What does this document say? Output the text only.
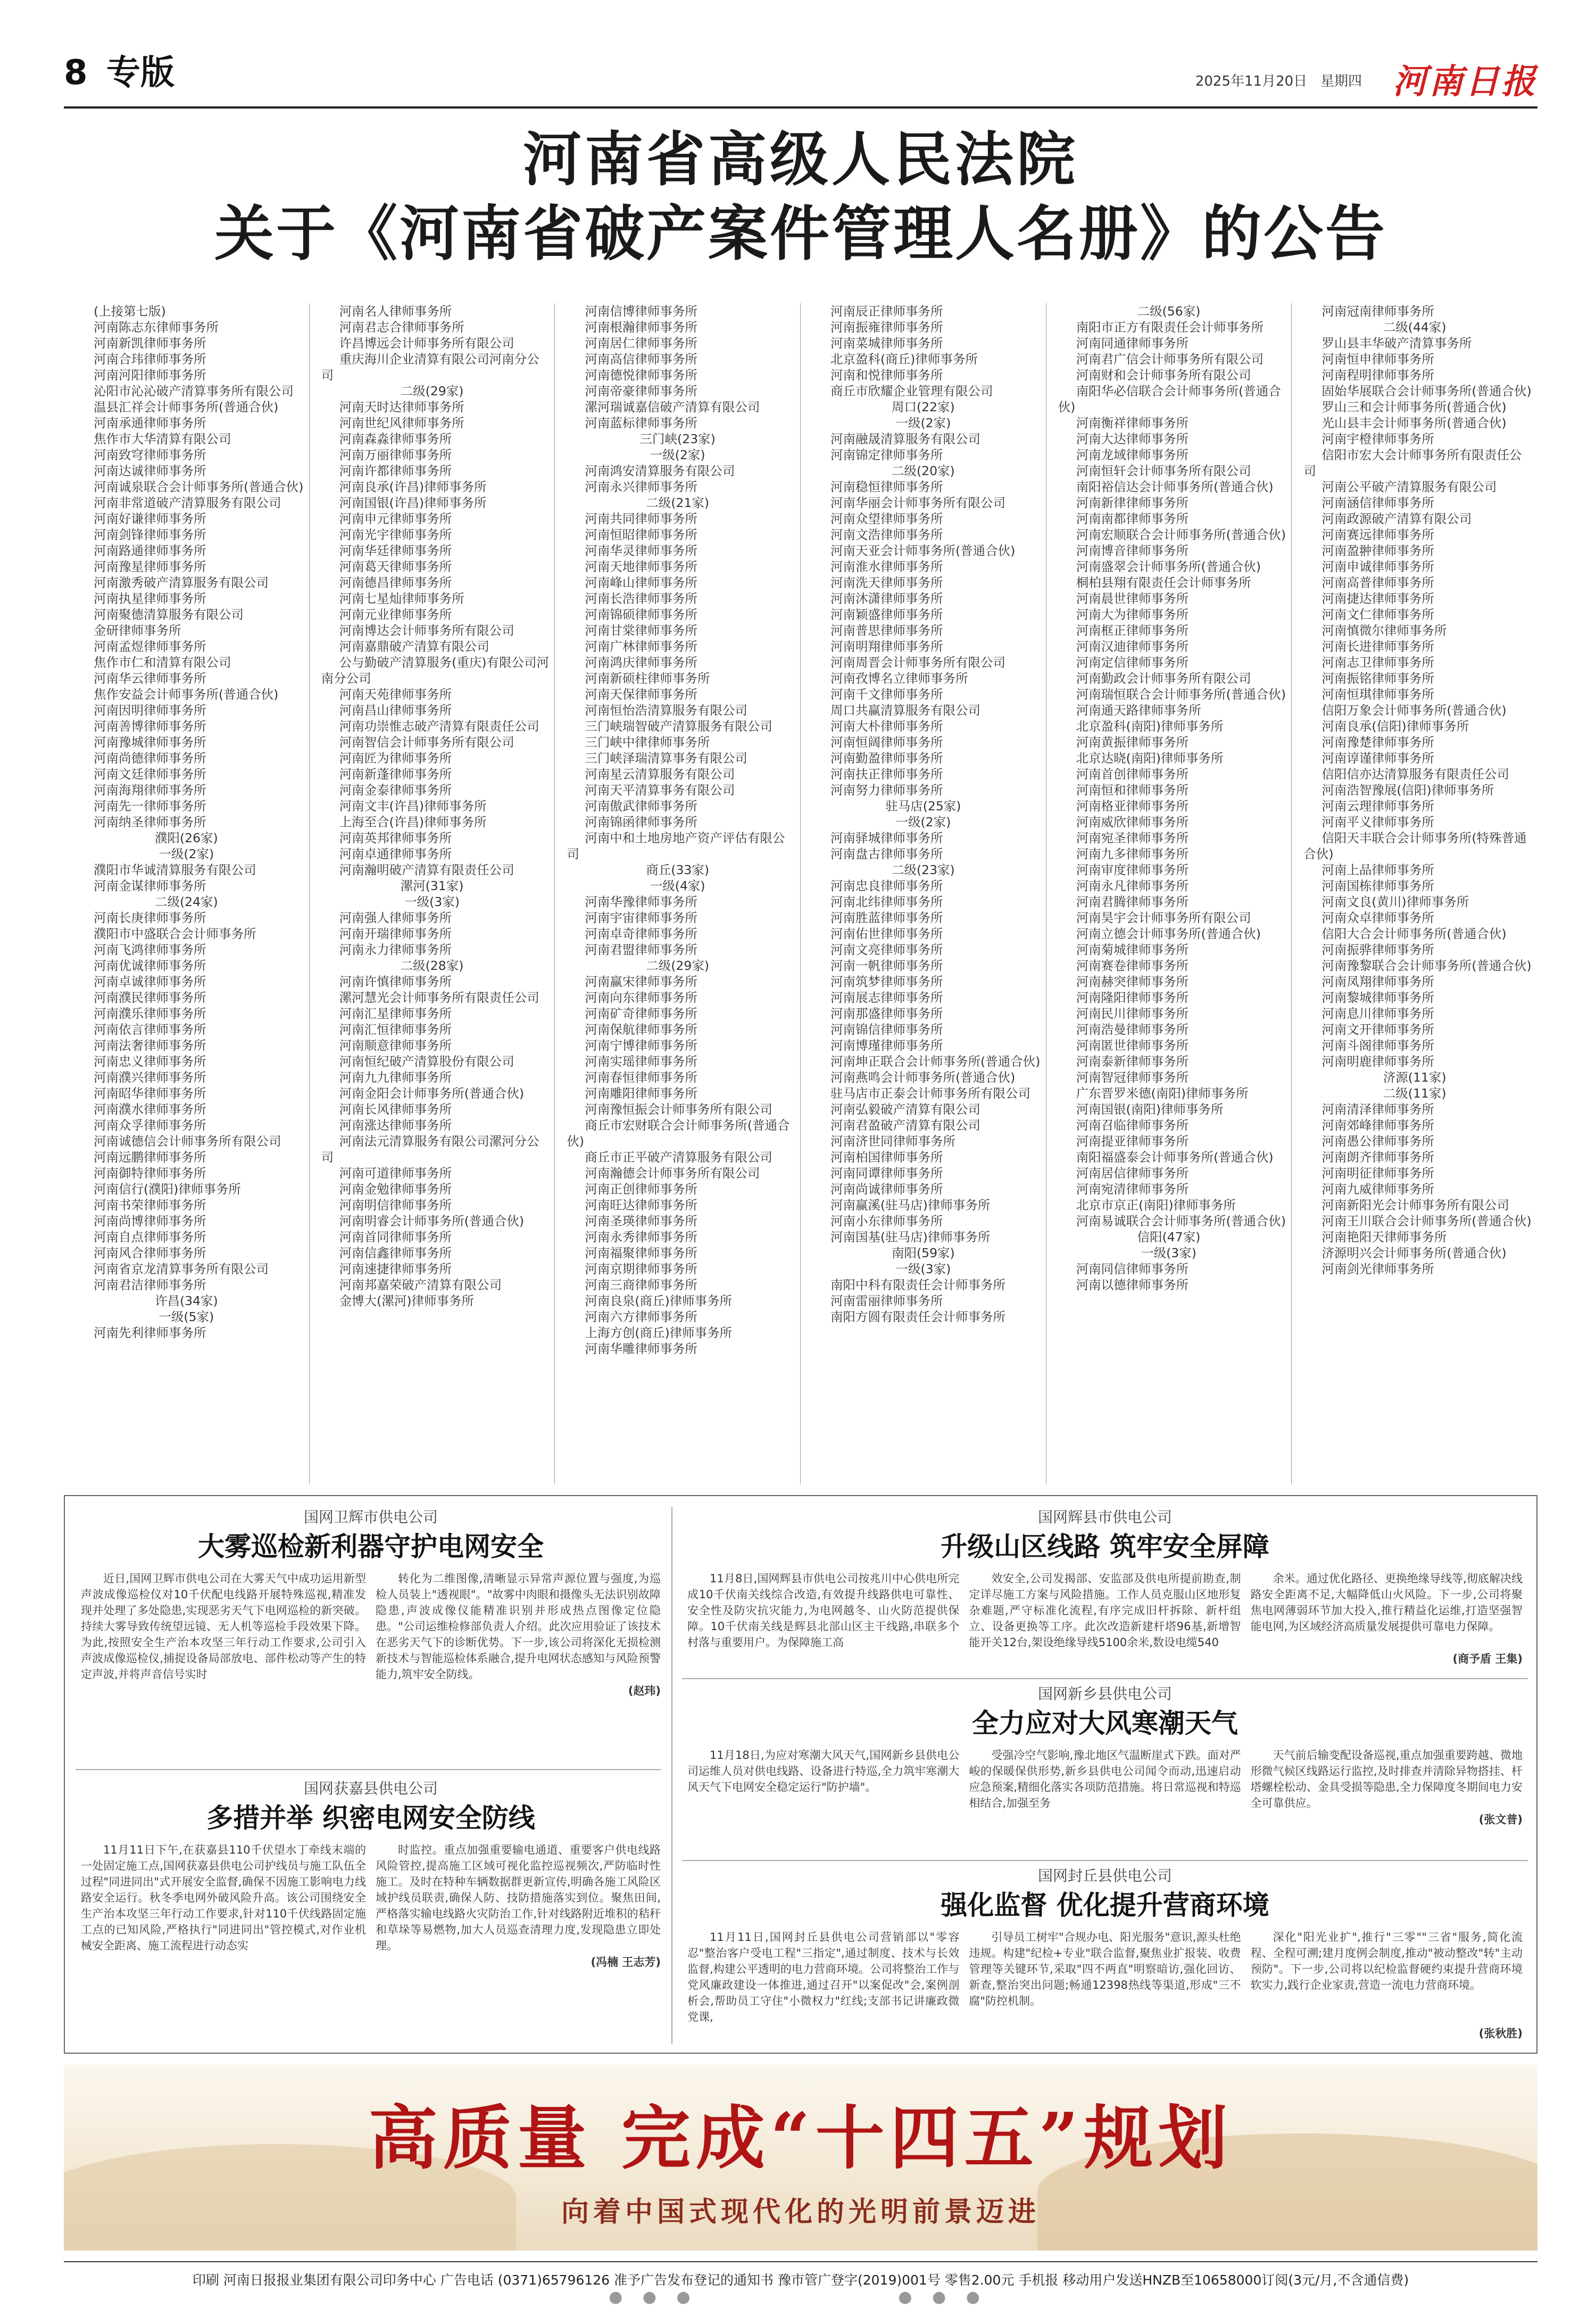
8 专版	2025年11月20日 星期四 河南日报
河南省高级人民法院
关于《河南省破产案件管理人名册》的公告
(上接第七版)
河南陈志东律师事务所
河南新凯律师事务所
河南合玮律师事务所
河南河阳律师事务所
沁阳市沁沁破产清算事务所有限公司
温县汇祥会计师事务所(普通合伙)
河南承通律师事务所
焦作市大华清算有限公司
河南致穹律师事务所
河南达诚律师事务所
河南诚泉联合会计师事务所(普通合伙)
河南非常道破产清算服务有限公司
河南好谦律师事务所
河南剑锋律师事务所
河南路通律师事务所
河南豫星律师事务所
河南激秀破产清算服务有限公司
河南执星律师事务所
河南聚德清算服务有限公司
金研律师事务所
河南孟煜律师事务所
焦作市仁和清算有限公司
河南华云律师事务所
焦作安益会计师事务所(普通合伙)
河南因明律师事务所
河南善博律师事务所
河南豫城律师事务所
河南尚德律师事务所
河南文廷律师事务所
河南海翔律师事务所
河南先一律师事务所
河南纳圣律师事务所
濮阳(26家)
一级(2家)
濮阳市华诚清算服务有限公司
河南金谋律师事务所
二级(24家)
河南长庚律师事务所
濮阳市中盛联合会计师事务所
河南飞鸿律师事务所
河南优诚律师事务所
河南卓诚律师事务所
河南濮民律师事务所
河南濮乐律师事务所
河南依言律师事务所
河南法奢律师事务所
河南忠义律师事务所
河南濮兴律师事务所
河南昭华律师事务所
河南濮水律师事务所
河南众孚律师事务所
河南诚德信会计师事务所有限公司
河南远鹏律师事务所
河南御特律师事务所
河南信行(濮阳)律师事务所
河南书荣律师事务所
河南尚博律师事务所
河南自点律师事务所
河南风合律师事务所
河南省京龙清算事务所有限公司
河南君洁律师事务所
许昌(34家)
一级(5家)
河南先利律师事务所
河南名人律师事务所
河南君志合律师事务所
许昌博远会计师事务所有限公司
重庆海川企业清算有限公司河南分公司
二级(29家)
河南天时达律师事务所
河南世纪风律师事务所
河南森淼律师事务所
河南万丽律师事务所
河南许都律师事务所
河南良承(许昌)律师事务所
河南国银(许昌)律师事务所
河南申元律师事务所
河南光宇律师事务所
河南华廷律师事务所
河南葛天律师事务所
河南德昌律师事务所
河南七星灿律师事务所
河南元业律师事务所
河南博达会计师事务所有限公司
河南嘉鼎破产清算有限公司
公与勤破产清算服务(重庆)有限公司河南分公司
河南天苑律师事务所
河南昌山律师事务所
河南功崇惟志破产清算有限责任公司
河南智信会计师事务所有限公司
河南匠为律师事务所
河南新蓬律师事务所
河南金泰律师事务所
河南文丰(许昌)律师事务所
上海至合(许昌)律师事务所
河南英邦律师事务所
河南卓通律师事务所
河南瀚明破产清算有限责任公司
漯河(31家)
一级(3家)
河南强人律师事务所
河南开瑞律师事务所
河南永力律师事务所
二级(28家)
河南许慎律师事务所
漯河慧光会计师事务所有限责任公司
河南汇星律师事务所
河南汇恒律师事务所
河南顺意律师事务所
河南恒纪破产清算股份有限公司
河南九九律师事务所
河南金阳会计师事务所(普通合伙)
河南长风律师事务所
河南涨达律师事务所
河南法元清算服务有限公司漯河分公司
河南可道律师事务所
河南金勉律师事务所
河南明信律师事务所
河南明睿会计师事务所(普通合伙)
河南首同律师事务所
河南信鑫律师事务所
河南速捷律师事务所
河南邦嘉荣破产清算有限公司
金博大(漯河)律师事务所
河南信博律师事务所
河南根瀚律师事务所
河南居仁律师事务所
河南高信律师事务所
河南德悦律师事务所
河南帝豪律师事务所
漯河瑞诚嘉信破产清算有限公司
河南蓝标律师事务所
三门峡(23家)
一级(2家)
河南鸿安清算服务有限公司
河南永兴律师事务所
二级(21家)
河南共同律师事务所
河南恒昭律师事务所
河南华灵律师事务所
河南天地律师事务所
河南峰山律师事务所
河南长浩律师事务所
河南锦硕律师事务所
河南甘棠律师事务所
河南广林律师事务所
河南鸿庆律师事务所
河南新硕柱律师事务所
河南天保律师事务所
河南恒怡浩清算服务有限公司
三门峡瑞智破产清算服务有限公司
三门峡中律律师事务所
三门峡泽瑞清算事务有限公司
河南星云清算服务有限公司
河南天平清算事务有限公司
河南傲武律师事务所
河南锦函律师事务所
河南中和土地房地产资产评估有限公司
商丘(33家)
一级(4家)
河南华豫律师事务所
河南宇宙律师事务所
河南卓奇律师事务所
河南君盟律师事务所
二级(29家)
河南赢宋律师事务所
河南向东律师事务所
河南矿奇律师事务所
河南保航律师事务所
河南宁博律师事务所
河南实瑶律师事务所
河南春恒律师事务所
河南雕阳律师事务所
河南豫恒振会计师事务所有限公司
商丘市宏财联合会计师事务所(普通合伙)
商丘市正平破产清算服务有限公司
河南瀚德会计师事务所有限公司
河南正创律师事务所
河南旺达律师事务所
河南圣瑛律师事务所
河南永秀律师事务所
河南福聚律师事务所
河南京期律师事务所
河南三商律师事务所
河南良泉(商丘)律师事务所
河南六方律师事务所
上海方创(商丘)律师事务所
河南华雕律师事务所
河南辰正律师事务所
河南振雍律师事务所
河南菜城律师事务所
北京盈科(商丘)律师事务所
河南和悦律师事务所
商丘市欣耀企业管理有限公司
周口(22家)
一级(2家)
河南融晟清算服务有限公司
河南锦定律师事务所
二级(20家)
河南稳恒律师事务所
河南华丽会计师事务所有限公司
河南众望律师事务所
河南文浩律师事务所
河南天亚会计师事务所(普通合伙)
河南淮水律师事务所
河南洗天律师事务所
河南沐潇律师事务所
河南颖盛律师事务所
河南普思律师事务所
河南明翔律师事务所
河南周晋会计师事务所有限公司
河南孜博名立律师事务所
河南千文律师事务所
周口共赢清算服务有限公司
河南大朴律师事务所
河南恒阔律师事务所
河南勤盈律师事务所
河南扶正律师事务所
河南努力律师事务所
驻马店(25家)
一级(2家)
河南驿城律师事务所
河南盘古律师事务所
二级(23家)
河南忠良律师事务所
河南北纬律师事务所
河南胜蓝律师事务所
河南佑世律师事务所
河南文亮律师事务所
河南一帆律师事务所
河南筑梦律师事务所
河南展志律师事务所
河南那盛律师事务所
河南锦信律师事务所
河南博瑾律师事务所
河南坤正联合会计师事务所(普通合伙)
河南燕鸣会计师事务所(普通合伙)
驻马店市正泰会计师事务所有限公司
河南弘毅破产清算有限公司
河南君盈破产清算有限公司
河南济世同律师事务所
河南柏国律师事务所
河南同谭律师事务所
河南尚诚律师事务所
河南赢溪(驻马店)律师事务所
河南小东律师事务所
河南国基(驻马店)律师事务所
南阳(59家)
一级(3家)
南阳中科有限责任会计师事务所
河南雷丽律师事务所
南阳方圆有限责任会计师事务所
二级(56家)
南阳市正方有限责任会计师事务所
河南同通律师事务所
河南君广信会计师事务所有限公司
河南财和会计师事务所有限公司
南阳华必信联合会计师事务所(普通合伙)
河南衡祥律师事务所
河南大达律师事务所
河南龙域律师事务所
河南恒轩会计师事务所有限公司
南阳裕信达会计师事务所(普通合伙)
河南新律律师事务所
河南南都律师事务所
河南宏顺联合会计师事务所(普通合伙)
河南博音律师事务所
河南盛翠会计师事务所(普通合伙)
桐柏县翔有限责任会计师事务所
河南晨世律师事务所
河南大为律师事务所
河南框正律师事务所
河南汉迪律师事务所
河南定信律师事务所
河南勤政会计师事务所有限公司
河南瑞恒联合会计师事务所(普通合伙)
河南通天路律师事务所
北京盈科(南阳)律师事务所
河南黄振律师事务所
北京达晓(南阳)律师事务所
河南首创律师事务所
河南恒和律师事务所
河南格亚律师事务所
河南威欣律师事务所
河南宛圣律师事务所
河南九多律师事务所
河南审度律师事务所
河南永凡律师事务所
河南君腾律师事务所
河南昊宇会计师事务所有限公司
河南立德会计师事务所(普通合伙)
河南菊城律师事务所
河南赛卷律师事务所
河南赫突律师事务所
河南隆阳律师事务所
河南民川律师事务所
河南浩曼律师事务所
河南匿世律师事务所
河南泰新律师事务所
河南智冠律师事务所
广东晋罗米德(南阳)律师事务所
河南国银(南阳)律师事务所
河南召临律师事务所
河南提亚律师事务所
南阳福盛泰会计师事务所(普通合伙)
河南居信律师事务所
河南宛清律师事务所
北京市京正(南阳)律师事务所
河南易诚联合会计师事务所(普通合伙)
信阳(47家)
一级(3家)
河南同信律师事务所
河南以德律师事务所
河南冠南律师事务所
二级(44家)
罗山县丰华破产清算事务所
河南恒申律师事务所
河南程明律师事务所
固始华展联合会计师事务所(普通合伙)
罗山三和会计师事务所(普通合伙)
光山县丰会计师事务所(普通合伙)
河南宇橙律师事务所
信阳市宏大会计师事务所有限责任公司
河南公平破产清算服务有限公司
河南涵信律师事务所
河南政源破产清算有限公司
河南赛远律师事务所
河南盈翀律师事务所
河南申诚律师事务所
河南高普律师事务所
河南捷达律师事务所
河南文仁律师事务所
河南慎微尔律师事务所
河南长进律师事务所
河南志卫律师事务所
河南振铭律师事务所
河南恒琪律师事务所
信阳万象会计师事务所(普通合伙)
河南良承(信阳)律师事务所
河南豫楚律师事务所
河南谆谨律师事务所
信阳信亦达清算服务有限责任公司
河南浩智豫展(信阳)律师事务所
河南云理律师事务所
河南平义律师事务所
信阳天丰联合会计师事务所(特殊普通合伙)
河南上品律师事务所
河南国栋律师事务所
河南文良(黄川)律师事务所
河南众卓律师事务所
信阳大合会计师事务所(普通合伙)
河南振骅律师事务所
河南豫黎联合会计师事务所(普通合伙)
河南凤翔律师事务所
河南黎城律师事务所
河南息川律师事务所
河南文开律师事务所
河南斗阁律师事务所
河南明鹿律师事务所
济源(11家)
二级(11家)
河南清泽律师事务所
河南郊峰律师事务所
河南愚公律师事务所
河南朗齐律师事务所
河南明征律师事务所
河南九威律师事务所
河南新阳光会计师事务所有限公司
河南王川联合会计师事务所(普通合伙)
河南艳阳天律师事务所
济源明兴会计师事务所(普通合伙)
河南剑光律师事务所
国网卫辉市供电公司
大雾巡检新利器守护电网安全

近日,国网卫辉市供电公司在大雾天气中成功运用新型声波成像巡检仪对10千伏配电线路开展特殊巡视,精准发现并处理了多处隐患,实现恶劣天气下电网巡检的新突破。持续大雾导致传统望远镜、无人机等巡检手段效果下降。为此,按照安全生产治本攻坚三年行动工作要求,公司引入声波成像巡检仪,捕捉设备局部放电、部件松动等产生的特定声波,并将声音信号实时

转化为二维图像,清晰显示异常声源位置与强度,为巡检人员装上"透视眼"。"故雾中肉眼和摄像头无法识别故障隐患,声波成像仪能精准识别并形成热点图像定位隐患。"公司运维检修部负责人介绍。此次应用验证了该技术在恶劣天气下的诊断优势。下一步,该公司将深化无损检测新技术与智能巡检体系融合,提升电网状态感知与风险预警能力,筑牢安全防线。

(赵玮)
国网获嘉县供电公司
多措并举 织密电网安全防线

11月11日下午,在获嘉县110千伏望水丁牵线末端的一处固定施工点,国网获嘉县供电公司护线员与施工队伍全过程"同进同出"式开展安全监督,确保不因施工影响电力线路安全运行。秋冬季电网外破风险升高。该公司围绕安全生产治本攻坚三年行动工作要求,针对110千伏线路固定施工点的已知风险,严格执行"同进同出"管控模式,对作业机械安全距离、施工流程进行动态实

时监控。重点加强重要输电通道、重要客户供电线路风险管控,提高施工区域可视化监控巡视频次,严防临时性施工。及时在特种车辆数据群更新宣传,明确各施工风险区域护线员联责,确保人防、技防措施落实到位。聚焦田间,严格落实输电线路火灾防治工作,针对线路附近堆积的秸秆和草垛等易燃物,加大人员巡查清理力度,发现隐患立即处理。

(冯楠 王志芳)
国网辉县市供电公司
升级山区线路 筑牢安全屏障

11月8日,国网辉县市供电公司按兆川中心供电所完成10千伏南关线综合改造,有效提升线路供电可靠性、安全性及防灾抗灾能力,为电网越冬、山火防范提供保障。10千伏南关线是辉县北部山区主干线路,串联多个村落与重要用户。为保障施工高

效安全,公司发揭部、安监部及供电所提前勘查,制定详尽施工方案与风险措施。工作人员克服山区地形复杂难题,严守标准化流程,有序完成旧杆拆除、新杆组立、设备更换等工序。此次改造新建杆塔96基,新增智能开关12台,架设绝缘导线5100余米,数设电缆540

余米。通过优化路径、更换绝缘导线等,彻底解决线路安全距离不足,大幅降低山火风险。下一步,公司将聚焦电网薄弱环节加大投入,推行精益化运维,打造坚强智能电网,为区域经济高质量发展提供可靠电力保障。

(商予盾 王集)
国网新乡县供电公司
全力应对大风寒潮天气

11月18日,为应对寒潮大风天气,国网新乡县供电公司运维人员对供电线路、设备进行特巡,全力筑牢寒潮大风天气下电网安全稳定运行"防护墙"。

受强冷空气影响,豫北地区气温断崖式下跌。面对严峻的保暖保供形势,新乡县供电公司闻令而动,迅速启动应急预案,精细化落实各项防范措施。将日常巡视和特巡相结合,加强至务

天气前后输变配设备巡视,重点加强重要跨越、微地形微气候区线路运行监控,及时排查并清除异物搭挂、杆塔螺栓松动、金具受损等隐患,全力保障度冬期间电力安全可靠供应。

(张文普)
国网封丘县供电公司
强化监督 优化提升营商环境

11月11日,国网封丘县供电公司营销部以"零容忍"整治客户受电工程"三指定",通过制度、技术与长效监督,构建公平透明的电力营商环境。公司将整治工作与党风廉政建设一体推进,通过召开"以案促改"会,案例剖析会,帮助员工守住"小微权力"红线;支部书记讲廉政微党课,

引导员工树牢"合规办电、阳光服务"意识,源头杜绝违规。构建"纪检+专业"联合监督,聚焦业扩报装、收费管理等关键环节,采取"四不两直"明察暗访,强化回访、新查,整治突出问题;畅通12398热线等渠道,形成"三不腐"防控机制。

深化"阳光业扩",推行"三零""三省"服务,简化流程、全程可溯;建月度例会制度,推动"被动整改"转"主动预防"。下一步,公司将以纪检监督硬约束提升营商环境软实力,践行企业家责,营造一流电力营商环境。

(张秋胜)
高质量 完成“十四五”规划
向着中国式现代化的光明前景迈进
印刷 河南日报报业集团有限公司印务中心 广告电话 (0371)65796126 准予广告发布登记的通知书 豫市管广登字(2019)001号 零售2.00元 手机报 移动用户发送HNZB至10658000订阅(3元/月,不含通信费)
● ● ●                ● ● ●
